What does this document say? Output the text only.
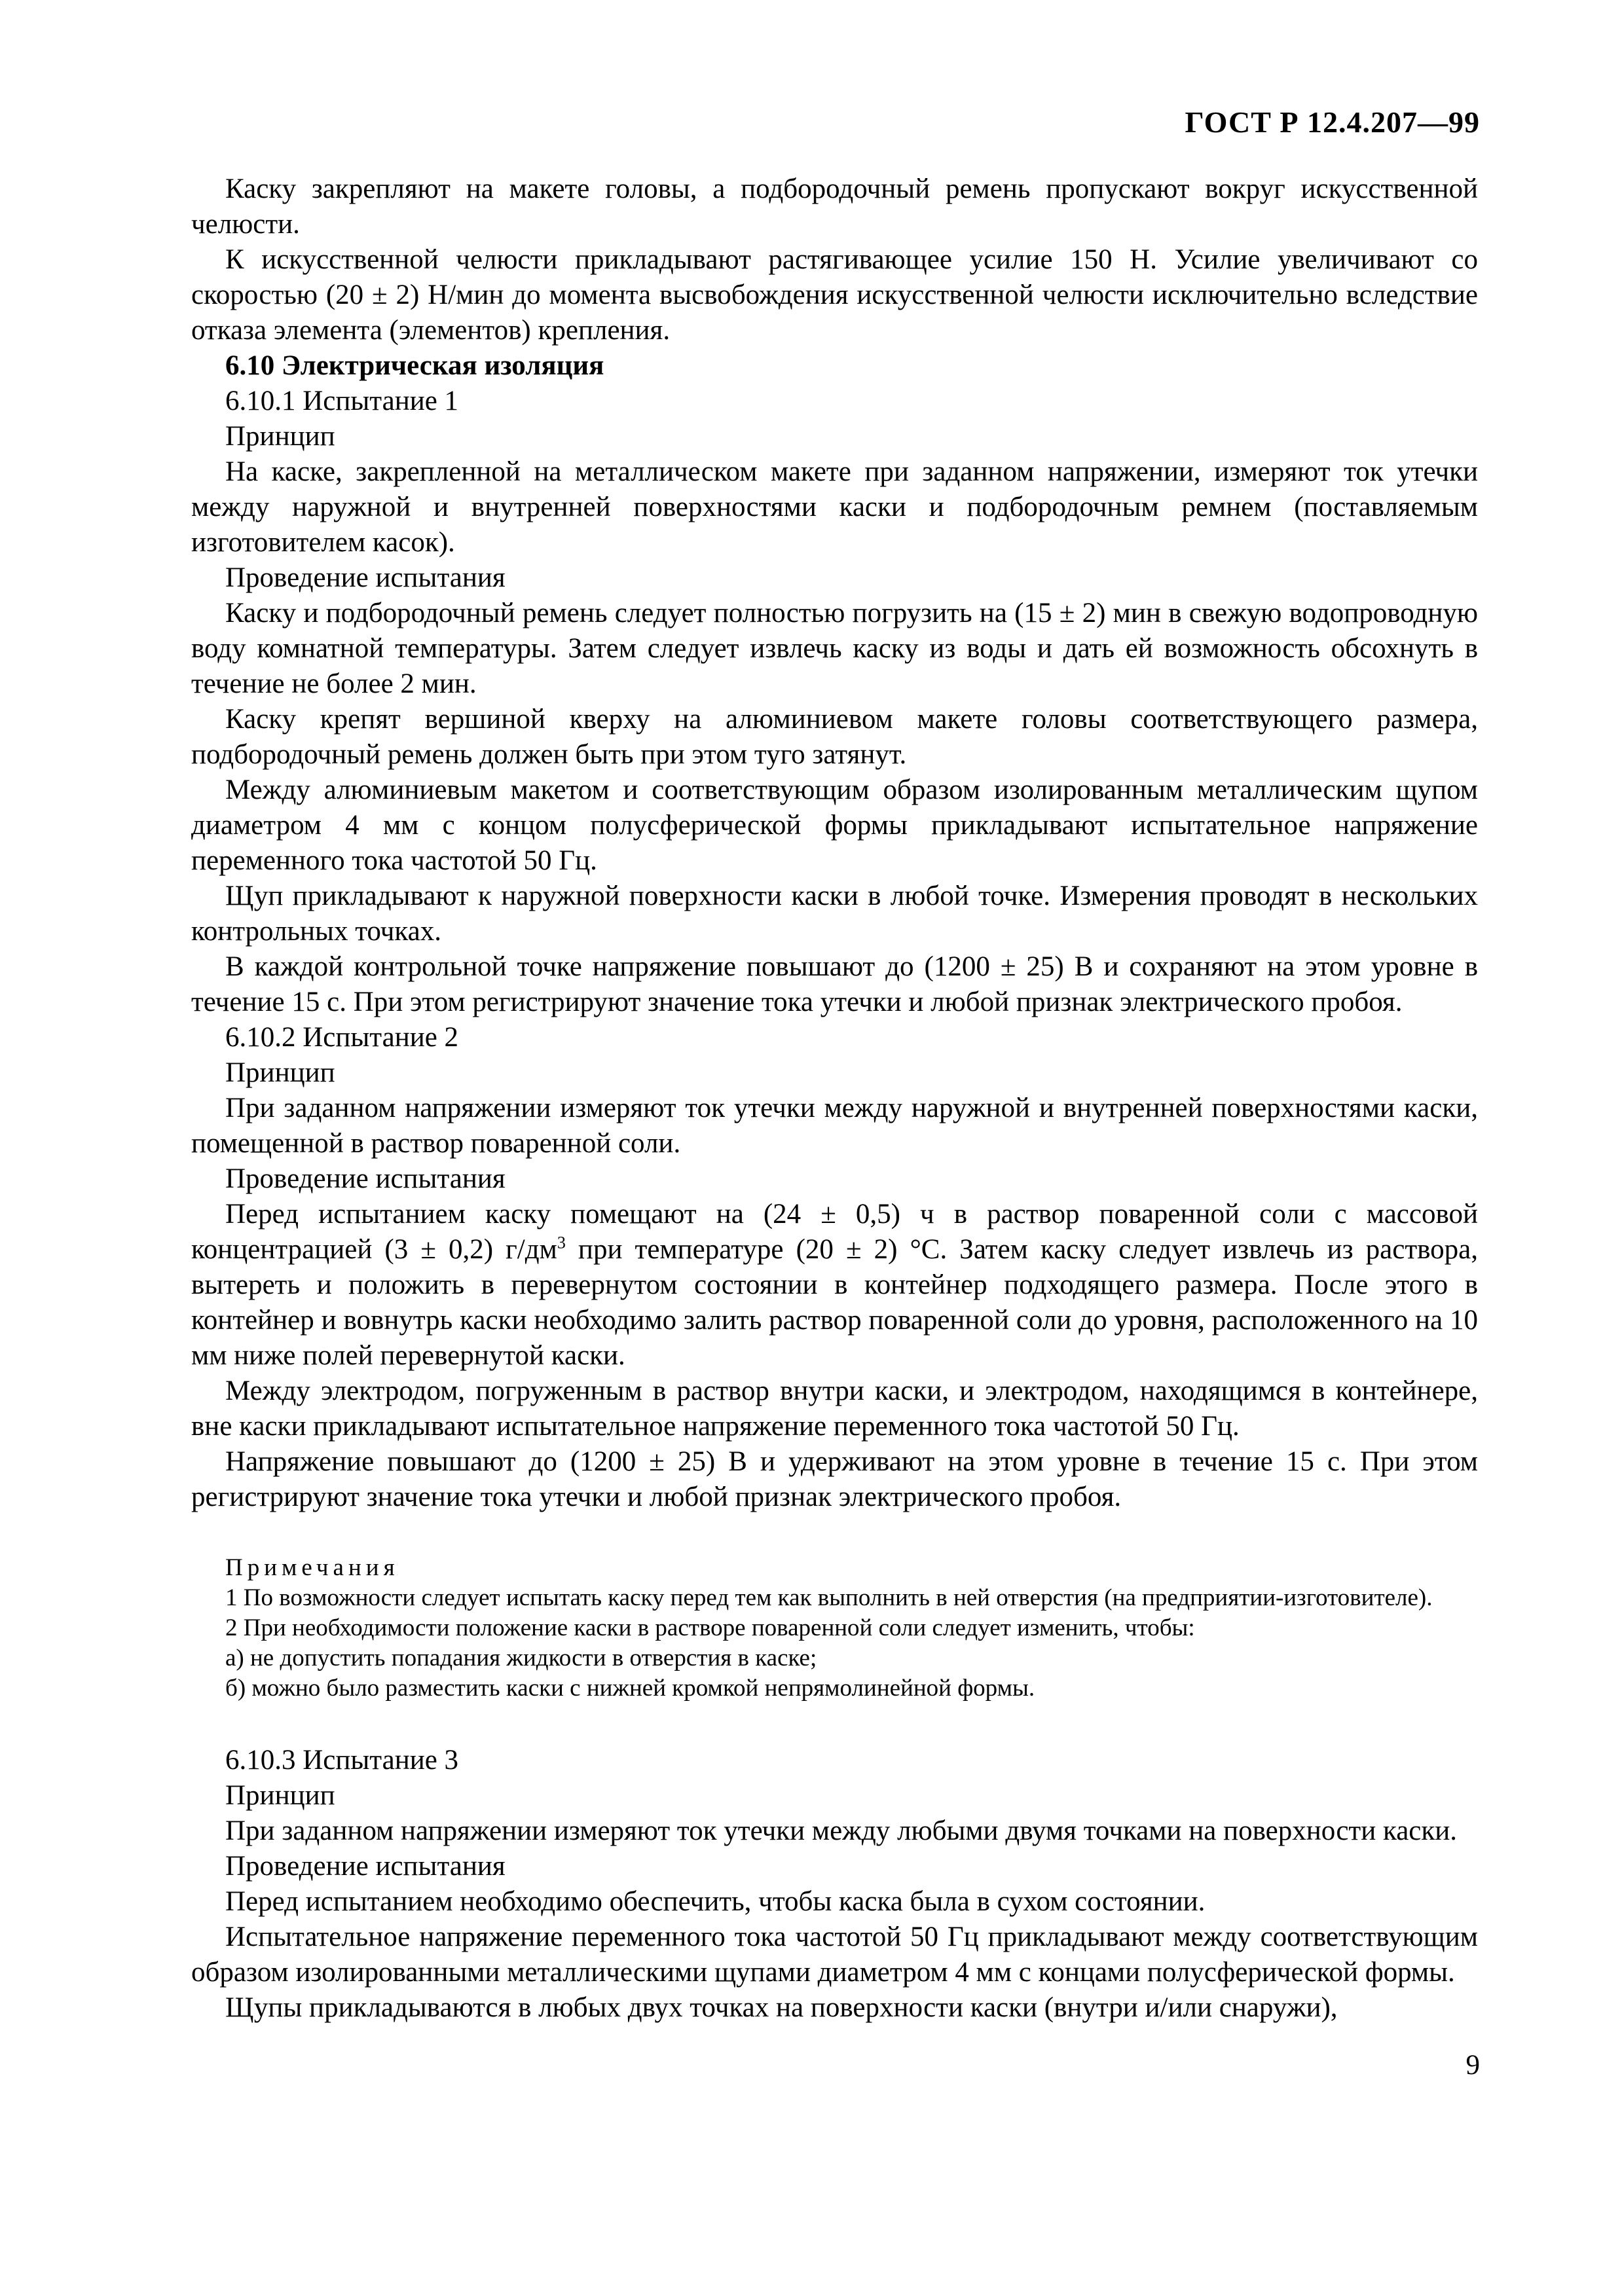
ГОСТ Р 12.4.207—99

Каску закрепляют на макете головы, а подбородочный ремень пропускают вокруг искусственной челюсти.

К искусственной челюсти прикладывают растягивающее усилие 150 Н. Усилие увеличивают со скоростью (20 ± 2) Н/мин до момента высвобождения искусственной челюсти исключительно вследствие отказа элемента (элементов) крепления.

6.10 Электрическая изоляция

6.10.1 Испытание 1

Принцип

На каске, закрепленной на металлическом макете при заданном напряжении, измеряют ток утечки между наружной и внутренней поверхностями каски и подбородочным ремнем (поставляемым изготовителем касок).

Проведение испытания

Каску и подбородочный ремень следует полностью погрузить на (15 ± 2) мин в свежую водопроводную воду комнатной температуры. Затем следует извлечь каску из воды и дать ей возможность обсохнуть в течение не более 2 мин.

Каску крепят вершиной кверху на алюминиевом макете головы соответствующего размера, подбородочный ремень должен быть при этом туго затянут.

Между алюминиевым макетом и соответствующим образом изолированным металлическим щупом диаметром 4 мм с концом полусферической формы прикладывают испытательное напряжение переменного тока частотой 50 Гц.

Щуп прикладывают к наружной поверхности каски в любой точке. Измерения проводят в нескольких контрольных точках.

В каждой контрольной точке напряжение повышают до (1200 ± 25) В и сохраняют на этом уровне в течение 15 с. При этом регистрируют значение тока утечки и любой признак электрического пробоя.

6.10.2 Испытание 2

Принцип

При заданном напряжении измеряют ток утечки между наружной и внутренней поверхностями каски, помещенной в раствор поваренной соли.

Проведение испытания

Перед испытанием каску помещают на (24 ± 0,5) ч в раствор поваренной соли с массовой концентрацией (3 ± 0,2) $г/дм^3$ при температуре (20 ± 2) °С. Затем каску следует извлечь из раствора, вытереть и положить в перевернутом состоянии в контейнер подходящего размера. После этого в контейнер и вовнутрь каски необходимо залить раствор поваренной соли до уровня, расположенного на 10 мм ниже полей перевернутой каски.

Между электродом, погруженным в раствор внутри каски, и электродом, находящимся в контейнере, вне каски прикладывают испытательное напряжение переменного тока частотой 50 Гц.

Напряжение повышают до (1200 ± 25) В и удерживают на этом уровне в течение 15 с. При этом регистрируют значение тока утечки и любой признак электрического пробоя.

Примечания

1 По возможности следует испытать каску перед тем как выполнить в ней отверстия (на предприятии-изготовителе).

2 При необходимости положение каски в растворе поваренной соли следует изменить, чтобы:

а) не допустить попадания жидкости в отверстия в каске;

б) можно было разместить каски с нижней кромкой непрямолинейной формы.

6.10.3 Испытание 3

Принцип

При заданном напряжении измеряют ток утечки между любыми двумя точками на поверхности каски.

Проведение испытания

Перед испытанием необходимо обеспечить, чтобы каска была в сухом состоянии.

Испытательное напряжение переменного тока частотой 50 Гц прикладывают между соответствующим образом изолированными металлическими щупами диаметром 4 мм с концами полусферической формы.

Щупы прикладываются в любых двух точках на поверхности каски (внутри и/или снаружи),

9
